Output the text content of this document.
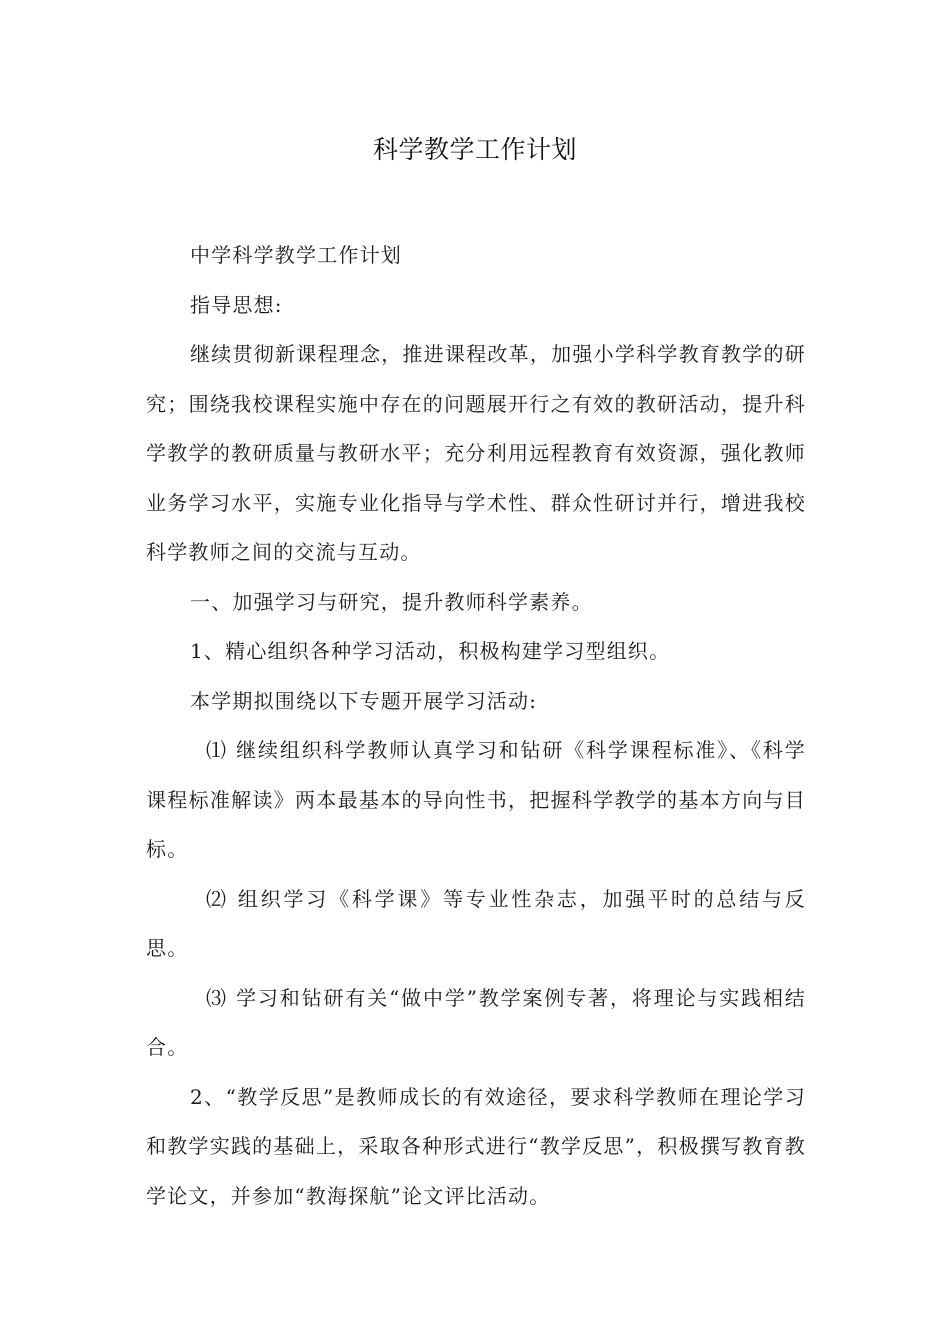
科学教学工作计划

中学科学教学工作计划

指导思想:

继续贯彻新课程理念，推进课程改革，加强小学科学教育教学的研究；围绕我校课程实施中存在的问题展开行之有效的教研活动，提升科学教学的教研质量与教研水平；充分利用远程教育有效资源，强化教师业务学习水平，实施专业化指导与学术性、群众性研讨并行，增进我校科学教师之间的交流与互动。

一、加强学习与研究，提升教师科学素养。

1、精心组织各种学习活动，积极构建学习型组织。

本学期拟围绕以下专题开展学习活动:

⑴ 继续组织科学教师认真学习和钻研《科学课程标准》、《科学课程标准解读》两本最基本的导向性书，把握科学教学的基本方向与目标。

⑵ 组织学习《科学课》等专业性杂志，加强平时的总结与反思。

⑶ 学习和钻研有关“做中学”教学案例专著，将理论与实践相结合。

2、“教学反思”是教师成长的有效途径，要求科学教师在理论学习和教学实践的基础上，采取各种形式进行“教学反思”，积极撰写教育教学论文，并参加“教海探航”论文评比活动。
